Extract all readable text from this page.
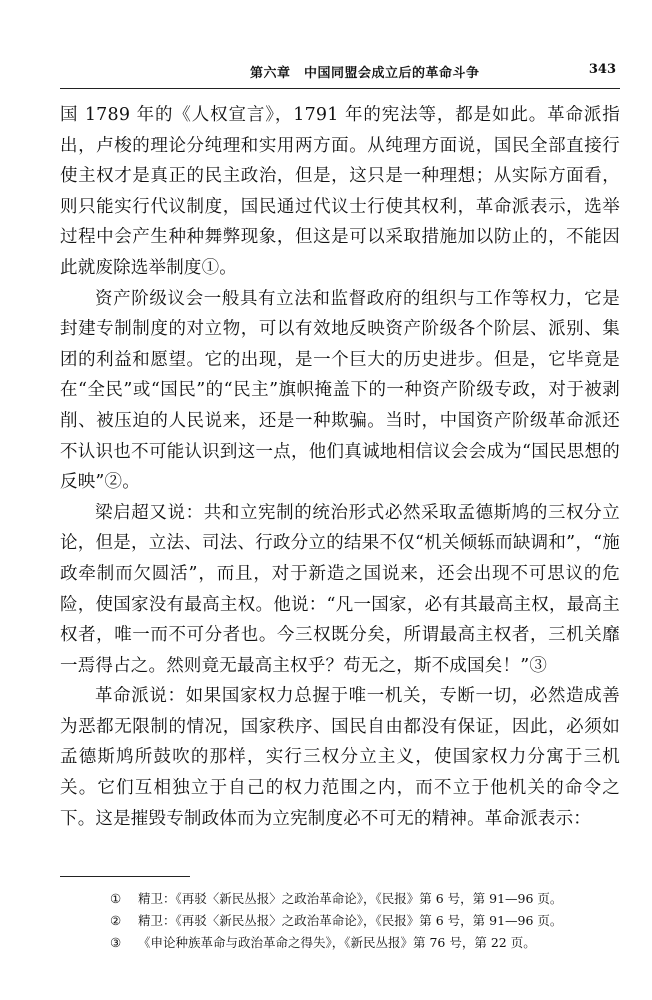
第六章　中国同盟会成立后的革命斗争	343

国 1789 年的《人权宣言》，1791 年的宪法等，都是如此。革命派指出，卢梭的理论分纯理和实用两方面。从纯理方面说，国民全部直接行使主权才是真正的民主政治，但是，这只是一种理想；从实际方面看，则只能实行代议制度，国民通过代议士行使其权利，革命派表示，选举过程中会产生种种舞弊现象，但这是可以采取措施加以防止的，不能因此就废除选举制度①。

资产阶级议会一般具有立法和监督政府的组织与工作等权力，它是封建专制制度的对立物，可以有效地反映资产阶级各个阶层、派别、集团的利益和愿望。它的出现，是一个巨大的历史进步。但是，它毕竟是在“全民”或“国民”的“民主”旗帜掩盖下的一种资产阶级专政，对于被剥削、被压迫的人民说来，还是一种欺骗。当时，中国资产阶级革命派还不认识也不可能认识到这一点，他们真诚地相信议会会成为“国民思想的反映”②。

梁启超又说：共和立宪制的统治形式必然采取孟德斯鸠的三权分立论，但是，立法、司法、行政分立的结果不仅“机关倾轹而缺调和”，“施政牵制而欠圆活”，而且，对于新造之国说来，还会出现不可思议的危险，使国家没有最高主权。他说：“凡一国家，必有其最高主权，最高主权者，唯一而不可分者也。今三权既分矣，所谓最高主权者，三机关靡一焉得占之。然则竟无最高主权乎？苟无之，斯不成国矣！”③

革命派说：如果国家权力总握于唯一机关，专断一切，必然造成善为恶都无限制的情况，国家秩序、国民自由都没有保证，因此，必须如孟德斯鸠所鼓吹的那样，实行三权分立主义，使国家权力分寓于三机关。它们互相独立于自己的权力范围之内，而不立于他机关的命令之下。这是摧毁专制政体而为立宪制度必不可无的精神。革命派表示：

① 精卫：《再驳〈新民丛报〉之政治革命论》，《民报》第 6 号，第 91—96 页。
② 精卫：《再驳〈新民丛报〉之政治革命论》，《民报》第 6 号，第 91—96 页。
③ 《申论种族革命与政治革命之得失》，《新民丛报》第 76 号，第 22 页。
